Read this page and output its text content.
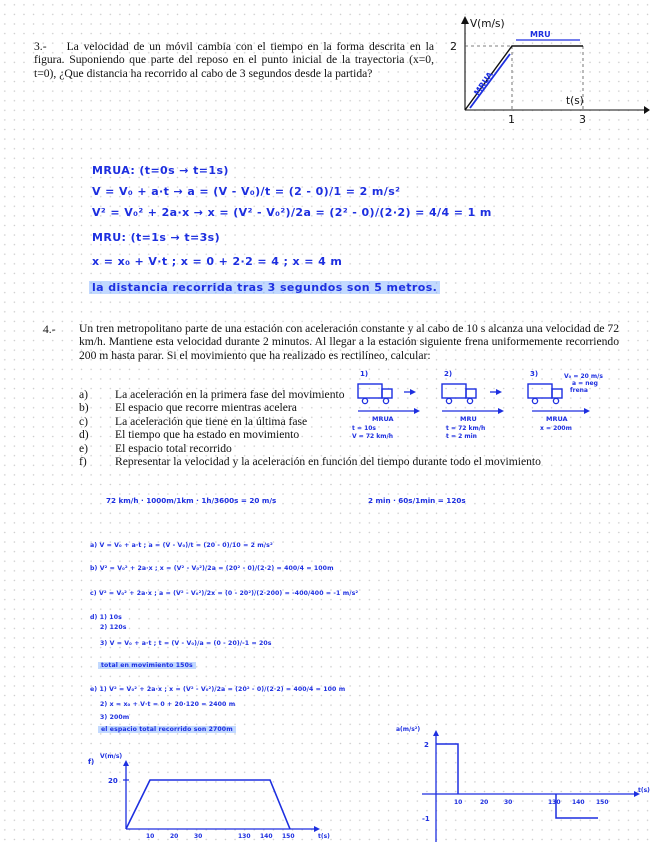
3.- La velocidad de un móvil cambia con el tiempo en la forma descrita en la figura. Suponiendo que parte del reposo en el punto inicial de la trayectoria (x=0, t=0), ¿Que distancia ha recorrido al cabo de 3 segundos desde la partida?
V(m/s)
2
t(s)
1	3
MRUA
MRU
MRUA: (t=0s → t=1s)
V = V₀ + a·t → a = (V - V₀)/t = (2 - 0)/1 = 2 m/s²
V² = V₀² + 2a·x → x = (V² - V₀²)/2a = (2² - 0)/(2·2) = 4/4 = 1 m
MRU: (t=1s → t=3s)
x = x₀ + V·t ; x = 0 + 2·2 = 4 ; x = 4 m
la distancia recorrida tras 3 segundos son 5 metros.
4.- Un tren metropolitano parte de una estación con aceleración constante y al cabo de 10 s alcanza una velocidad de 72 km/h. Mantiene esta velocidad durante 2 minutos. Al llegar a la estación siguiente frena uniformemente recorriendo 200 m hasta parar. Si el movimiento que ha realizado es rectilíneo, calcular:
a)	La aceleración en la primera fase del movimiento
b)	El espacio que recorre mientras acelera
c)	La aceleración que tiene en la última fase
d)	El tiempo que ha estado en movimiento
e)	El espacio total recorrido
f)	Representar la velocidad y la aceleración en función del tiempo durante todo el movimiento
1)
MRUA
t = 10s
V = 72 km/h
2)
MRU
t = 72 km/h
t = 2 min
3)	V₀ = 20 m/s
a = neg
frena
MRUA
x = 200m
72 km/h · 1000m/1km · 1h/3600s = 20 m/s	2 min · 60s/1min = 120s
a) V = V₀ + a·t ; a = (V - V₀)/t = (20 - 0)/10 = 2 m/s²
b) V² = V₀² + 2a·x ; x = (V² - V₀²)/2a = (20² - 0)/(2·2) = 400/4 = 100m
c) V² = V₀² + 2a·x ; a = (V² - V₀²)/2x = (0 - 20²)/(2·200) = -400/400 = -1 m/s²
d) 1) 10s
2) 120s
3) V = V₀ + a·t ; t = (V - V₀)/a = (0 - 20)/-1 = 20s
total en movimiento 150s
e) 1) V² = V₀² + 2a·x ; x = (V² - V₀²)/2a = (20² - 0)/(2·2) = 400/4 = 100 m
2) x = x₀ + V·t = 0 + 20·120 = 2400 m
3) 200m
el espacio total recorrido son 2700m
f)
V(m/s)
20
t(s)
10	20	30	130 140 150
a(m/s²)
2
-1
t(s)
10	20	30	130 140 150
